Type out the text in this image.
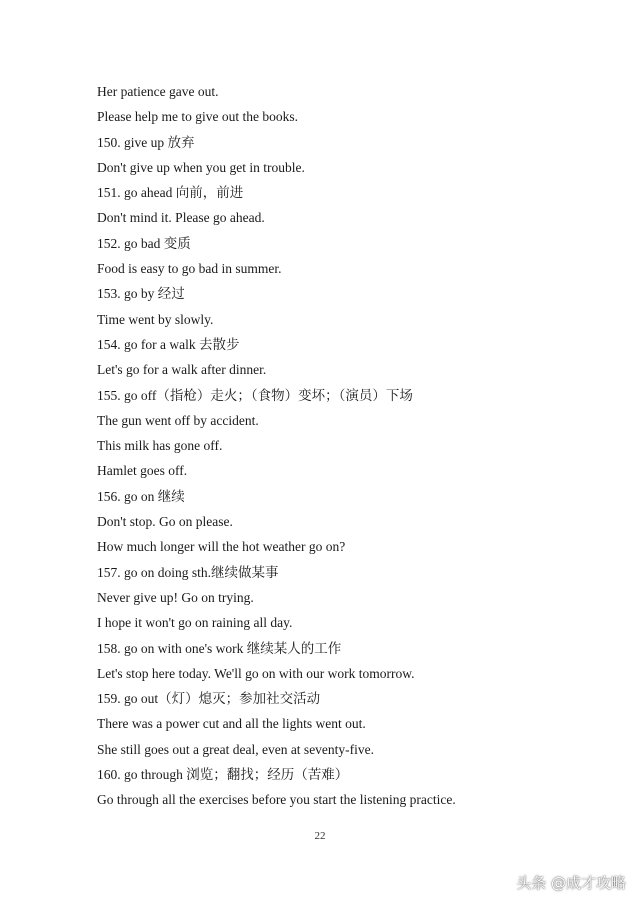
Her patience gave out.
Please help me to give out the books.
150. give up 放弃
Don't give up when you get in trouble.
151. go ahead 向前，前进
Don't mind it. Please go ahead.
152. go bad 变质
Food is easy to go bad in summer.
153. go by 经过
Time went by slowly.
154. go for a walk 去散步
Let's go for a walk after dinner.
155. go off（指枪）走火；（食物）变坏；（演员）下场
The gun went off by accident.
This milk has gone off.
Hamlet goes off.
156. go on 继续
Don't stop. Go on please.
How much longer will the hot weather go on?
157. go on doing sth.继续做某事
Never give up! Go on trying.
I hope it won't go on raining all day.
158. go on with one's work 继续某人的工作
Let's stop here today. We'll go on with our work tomorrow.
159. go out（灯）熄灭；参加社交活动
There was a power cut and all the lights went out.
She still goes out a great deal, even at seventy-five.
160. go through 浏览；翻找；经历（苦难）
Go through all the exercises before you start the listening practice.
22
头条 @成才攻略
